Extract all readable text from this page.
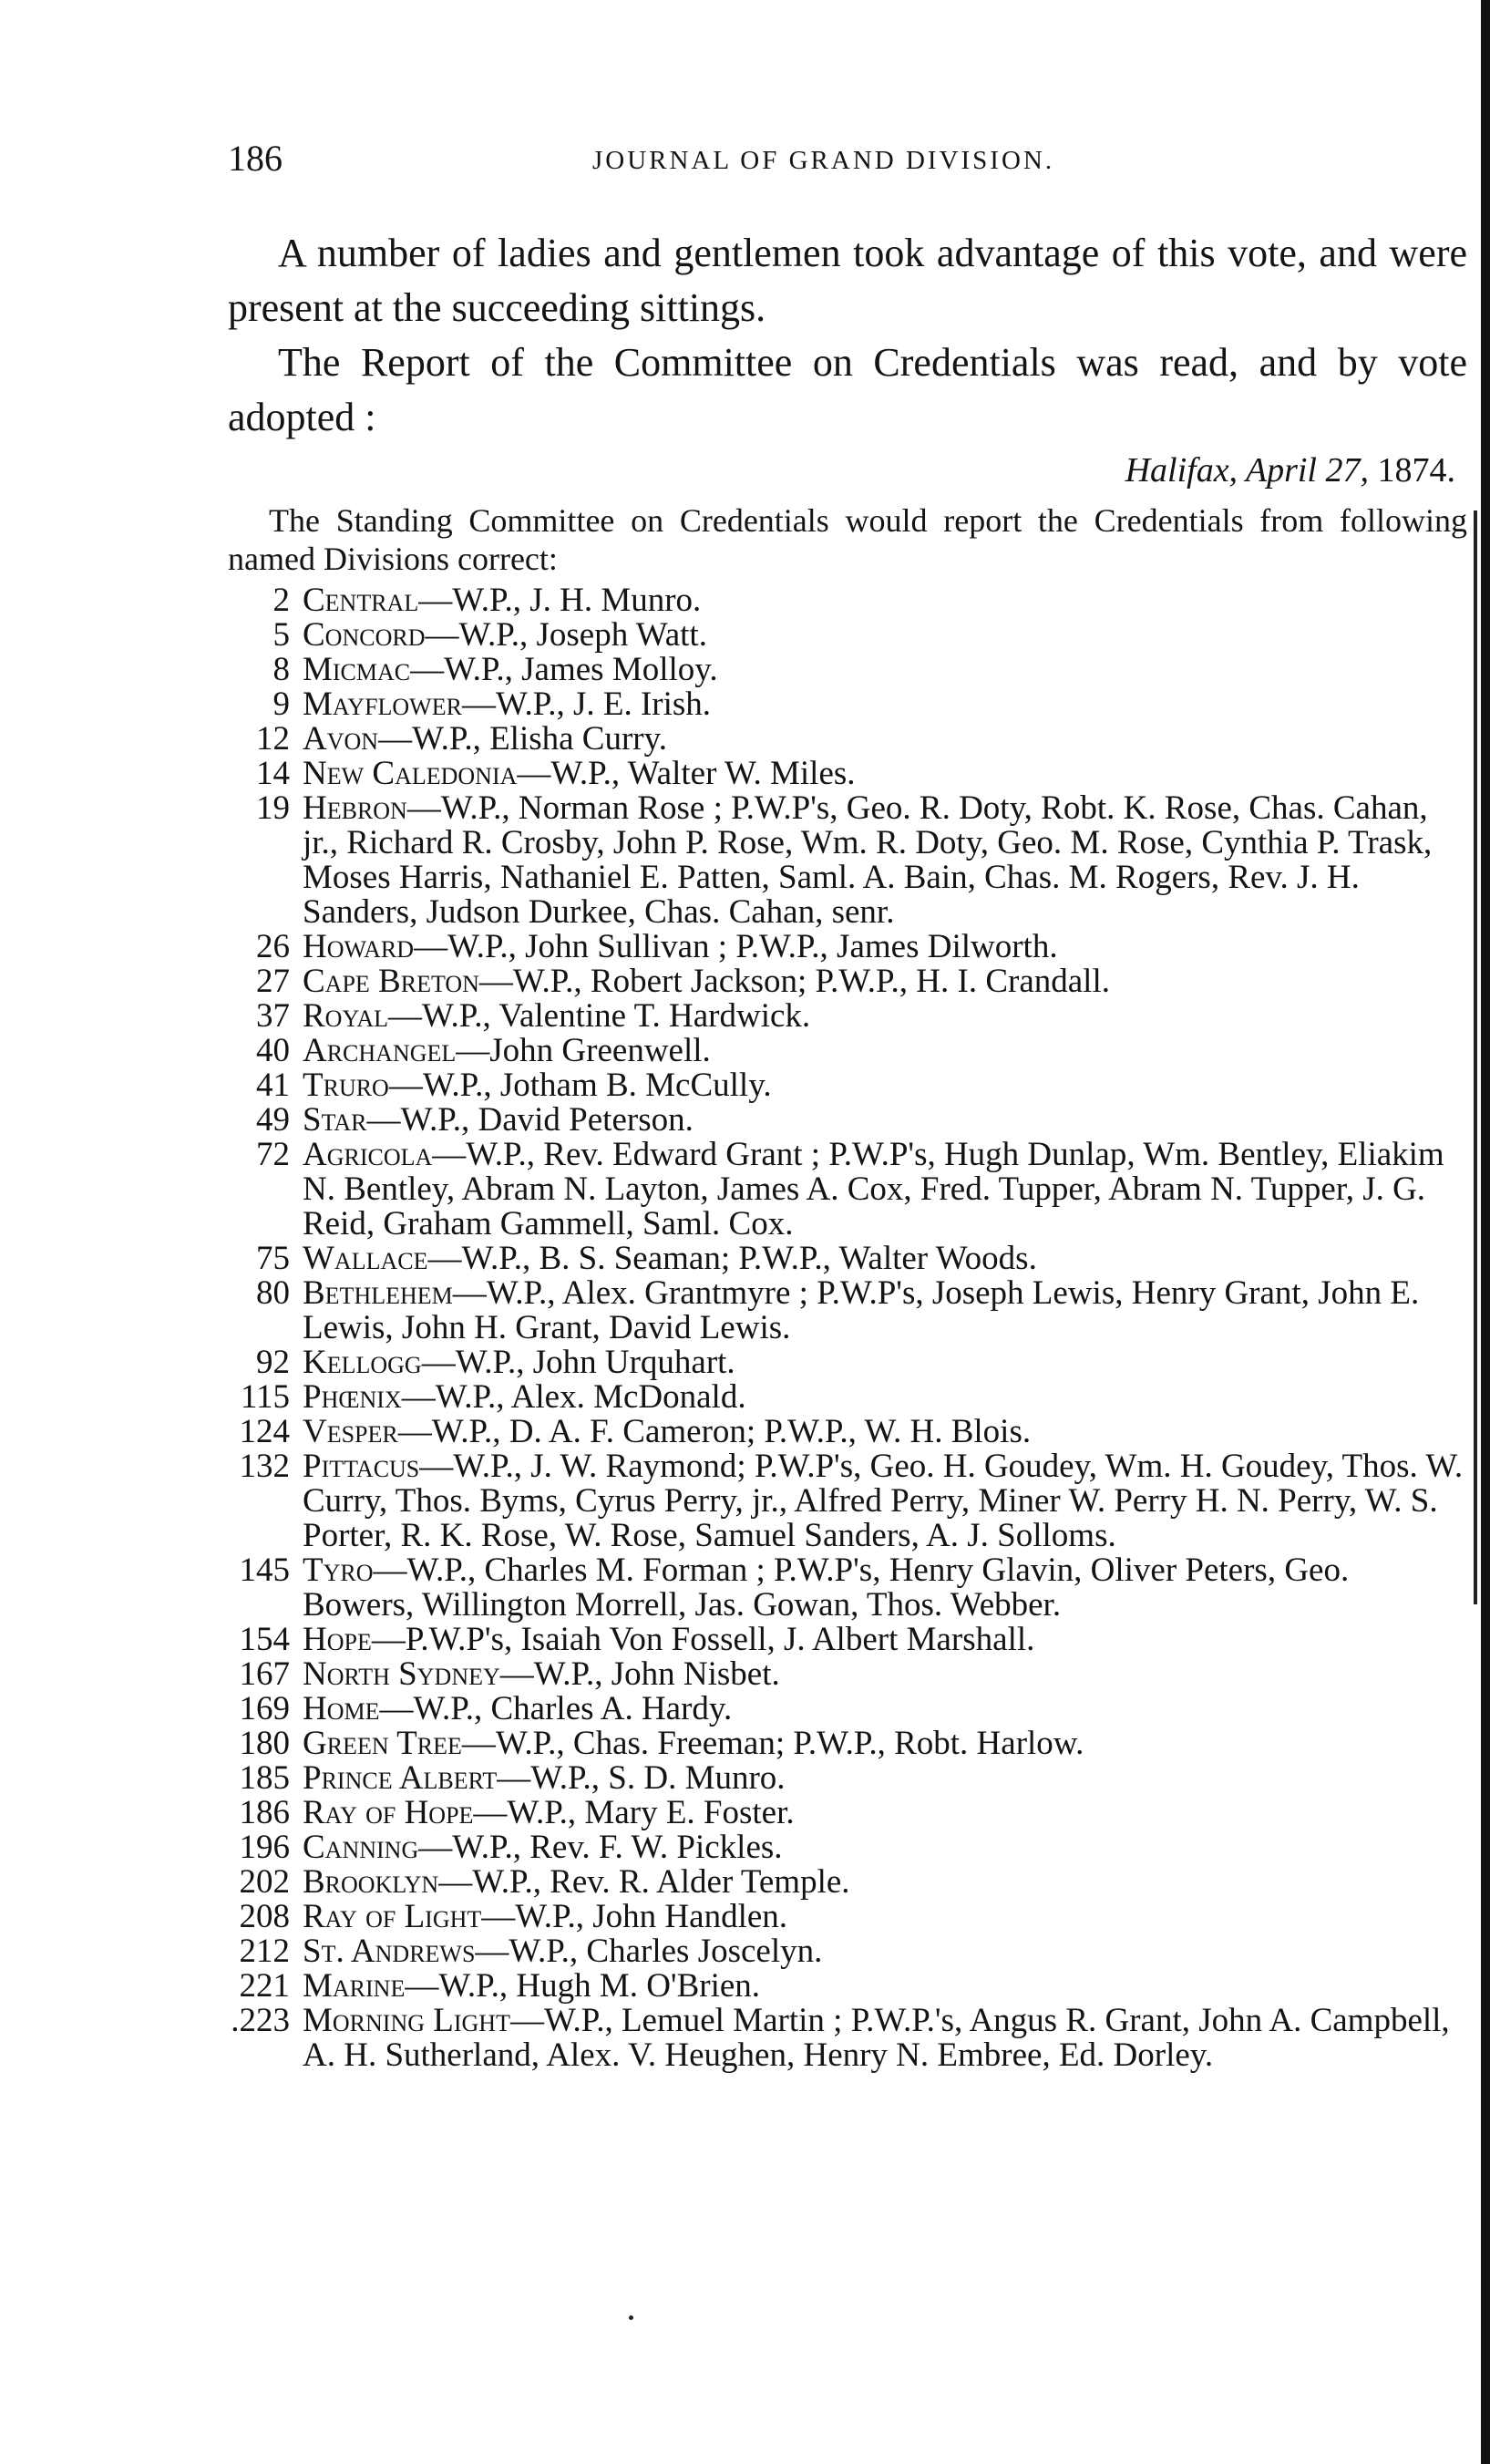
186	JOURNAL OF GRAND DIVISION.

A number of ladies and gentlemen took advantage of this vote, and were present at the succeeding sittings.

The Report of the Committee on Credentials was read, and by vote adopted :

Halifax, April 27, 1874.
The Standing Committee on Credentials would report the Credentials from following named Divisions correct:
2 Central—W.P., J. H. Munro.
5 Concord—W.P., Joseph Watt.
8 Micmac—W.P., James Molloy.
9 Mayflower—W.P., J. E. Irish.
12 Avon—W.P., Elisha Curry.
14 New Caledonia—W.P., Walter W. Miles.
19 Hebron—W.P., Norman Rose ; P.W.P's, Geo. R. Doty, Robt. K. Rose, Chas. Cahan, jr., Richard R. Crosby, John P. Rose, Wm. R. Doty, Geo. M. Rose, Cynthia P. Trask, Moses Harris, Nathaniel E. Patten, Saml. A. Bain, Chas. M. Rogers, Rev. J. H. Sanders, Judson Durkee, Chas. Cahan, senr.
26 Howard—W.P., John Sullivan ; P.W.P., James Dilworth.
27 Cape Breton—W.P., Robert Jackson; P.W.P., H. I. Crandall.
37 Royal—W.P., Valentine T. Hardwick.
40 Archangel—John Greenwell.
41 Truro—W.P., Jotham B. McCully.
49 Star—W.P., David Peterson.
72 Agricola—W.P., Rev. Edward Grant ; P.W.P's, Hugh Dunlap, Wm. Bentley, Eliakim N. Bentley, Abram N. Layton, James A. Cox, Fred. Tupper, Abram N. Tupper, J. G. Reid, Graham Gammell, Saml. Cox.
75 Wallace—W.P., B. S. Seaman; P.W.P., Walter Woods.
80 Bethlehem—W.P., Alex. Grantmyre ; P.W.P's, Joseph Lewis, Henry Grant, John E. Lewis, John H. Grant, David Lewis.
92 Kellogg—W.P., John Urquhart.
115 Phœnix—W.P., Alex. McDonald.
124 Vesper—W.P., D. A. F. Cameron; P.W.P., W. H. Blois.
132 Pittacus—W.P., J. W. Raymond; P.W.P's, Geo. H. Goudey, Wm. H. Goudey, Thos. W. Curry, Thos. Byms, Cyrus Perry, jr., Alfred Perry, Miner W. Perry H. N. Perry, W. S. Porter, R. K. Rose, W. Rose, Samuel Sanders, A. J. Solloms.
145 Tyro—W.P., Charles M. Forman ; P.W.P's, Henry Glavin, Oliver Peters, Geo. Bowers, Willington Morrell, Jas. Gowan, Thos. Webber.
154 Hope—P.W.P's, Isaiah Von Fossell, J. Albert Marshall.
167 North Sydney—W.P., John Nisbet.
169 Home—W.P., Charles A. Hardy.
180 Green Tree—W.P., Chas. Freeman; P.W.P., Robt. Harlow.
185 Prince Albert—W.P., S. D. Munro.
186 Ray of Hope—W.P., Mary E. Foster.
196 Canning—W.P., Rev. F. W. Pickles.
202 Brooklyn—W.P., Rev. R. Alder Temple.
208 Ray of Light—W.P., John Handlen.
212 St. Andrews—W.P., Charles Joscelyn.
221 Marine—W.P., Hugh M. O'Brien.
.223 Morning Light—W.P., Lemuel Martin ; P.W.P.'s, Angus R. Grant, John A. Campbell, A. H. Sutherland, Alex. V. Heughen, Henry N. Embree, Ed. Dorley.
